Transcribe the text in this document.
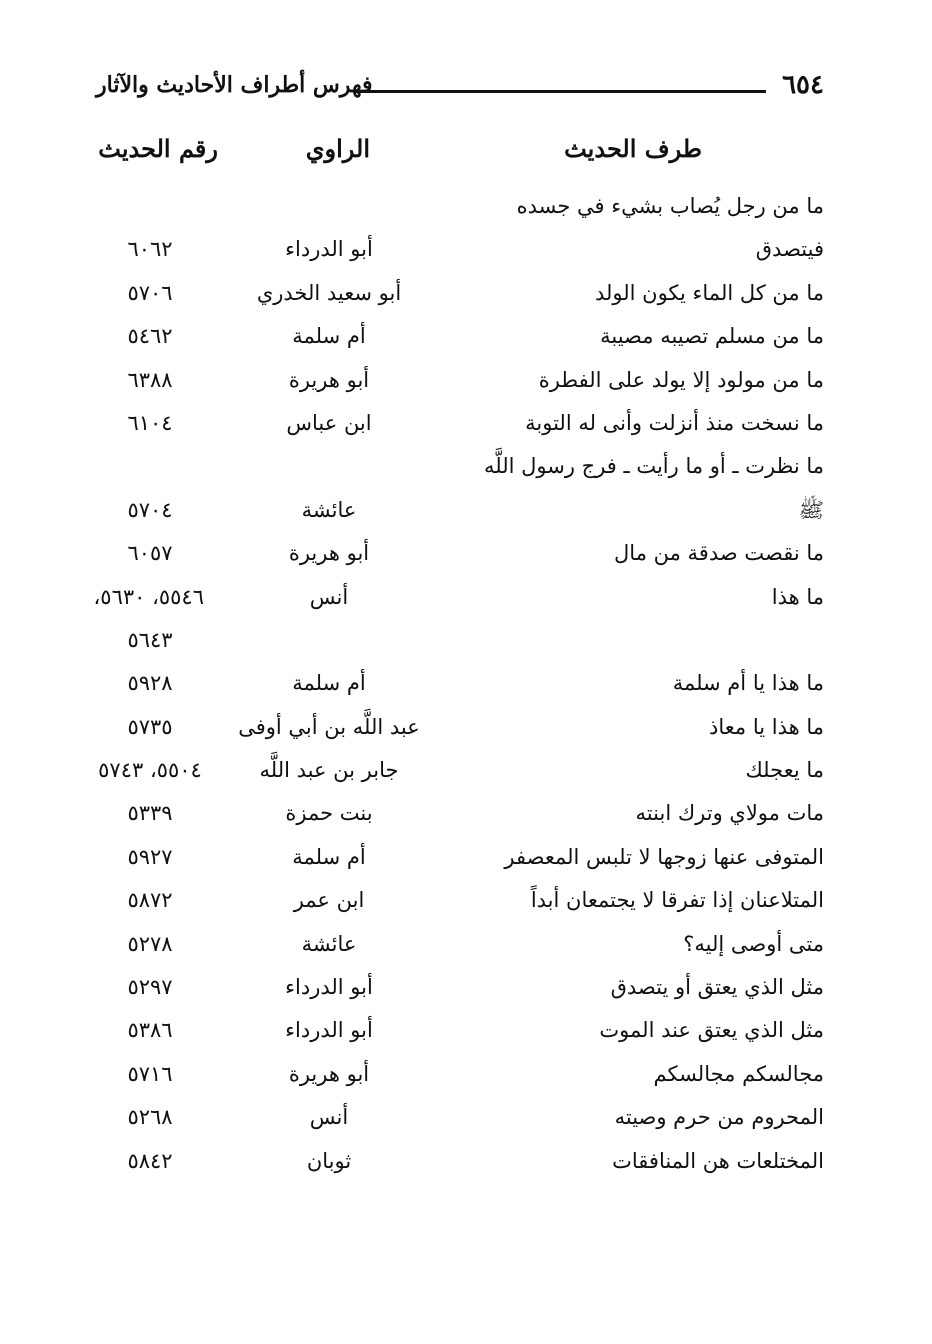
٦٥٤
فهرس أطراف الأحاديث والآثار
طرف الحديث
الراوي
رقم الحديث
ما من رجل يُصاب بشيء في جسده
فيتصدق
أبو الدرداء
٦٠٦٢
ما من كل الماء يكون الولد
أبو سعيد الخدري
٥٧٠٦
ما من مسلم تصيبه مصيبة
أم سلمة
٥٤٦٢
ما من مولود إلا يولد على الفطرة
أبو هريرة
٦٣٨٨
ما نسخت منذ أنزلت وأنى له التوبة
ابن عباس
٦١٠٤
ما نظرت ـ أو ما رأيت ـ فرج رسول اللَّه
ﷺ
عائشة
٥٧٠٤
ما نقصت صدقة من مال
أبو هريرة
٦٠٥٧
ما هذا
أنس
٥٥٤٦، ٥٦٣٠،
٥٦٤٣
ما هذا يا أم سلمة
أم سلمة
٥٩٢٨
ما هذا يا معاذ
عبد اللَّه بن أبي أوفى
٥٧٣٥
ما يعجلك
جابر بن عبد اللَّه
٥٥٠٤، ٥٧٤٣
مات مولاي وترك ابنته
بنت حمزة
٥٣٣٩
المتوفى عنها زوجها لا تلبس المعصفر
أم سلمة
٥٩٢٧
المتلاعنان إذا تفرقا لا يجتمعان أبداً
ابن عمر
٥٨٧٢
متى أوصى إليه؟
عائشة
٥٢٧٨
مثل الذي يعتق أو يتصدق
أبو الدرداء
٥٢٩٧
مثل الذي يعتق عند الموت
أبو الدرداء
٥٣٨٦
مجالسكم مجالسكم
أبو هريرة
٥٧١٦
المحروم من حرم وصيته
أنس
٥٢٦٨
المختلعات هن المنافقات
ثوبان
٥٨٤٢
